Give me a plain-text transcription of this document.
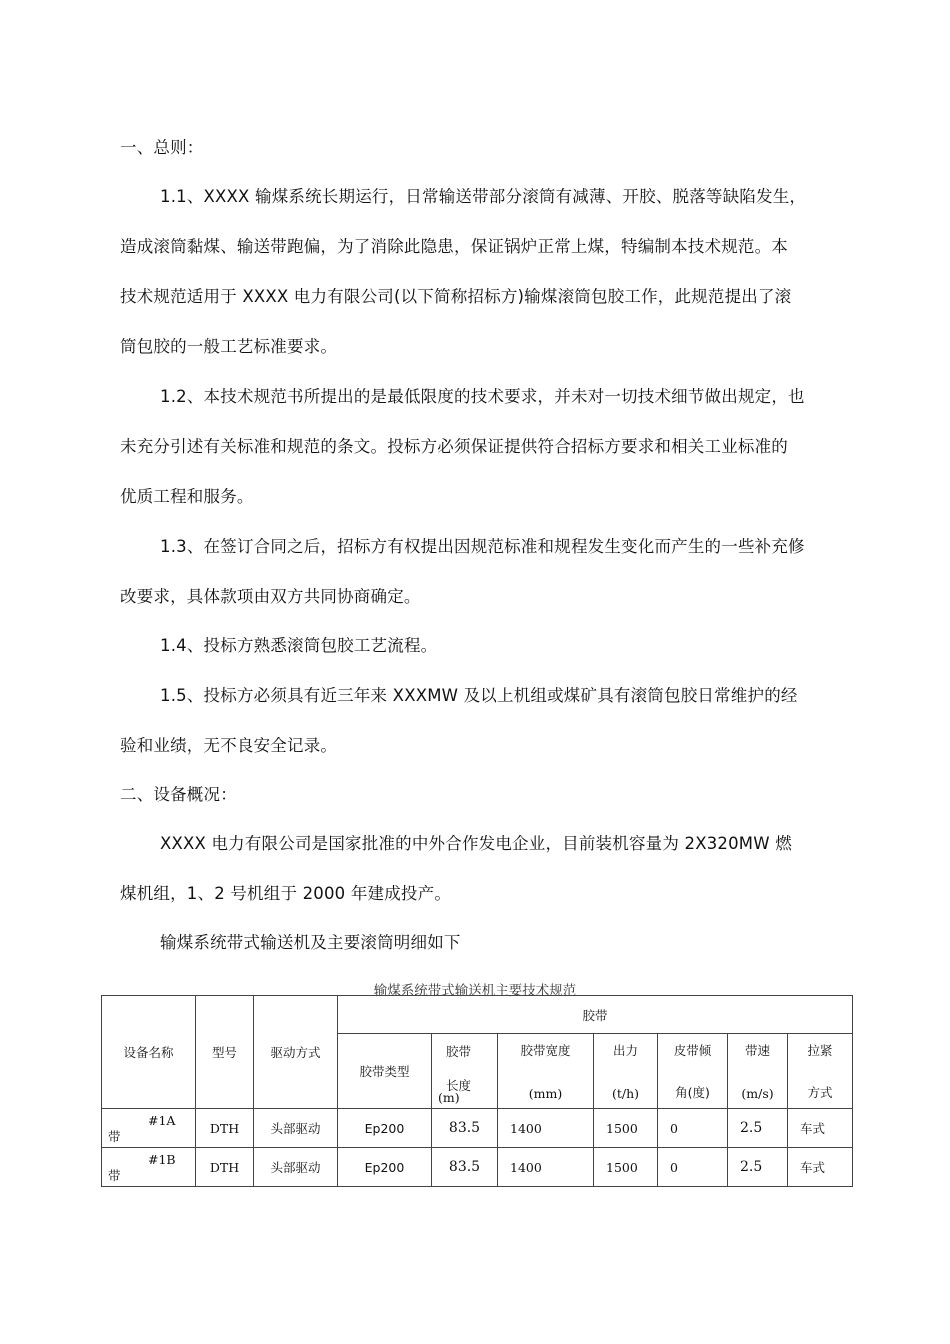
一、总则：
1.1、XXXX 输煤系统长期运行，日常输送带部分滚筒有减薄、开胶、脱落等缺陷发生，
造成滚筒黏煤、输送带跑偏，为了消除此隐患，保证锅炉正常上煤，特编制本技术规范。本
技术规范适用于 XXXX 电力有限公司(以下简称招标方)输煤滚筒包胶工作，此规范提出了滚
筒包胶的一般工艺标准要求。
1.2、本技术规范书所提出的是最低限度的技术要求，并未对一切技术细节做出规定，也
未充分引述有关标准和规范的条文。投标方必须保证提供符合招标方要求和相关工业标准的
优质工程和服务。
1.3、在签订合同之后，招标方有权提出因规范标准和规程发生变化而产生的一些补充修
改要求，具体款项由双方共同协商确定。
1.4、投标方熟悉滚筒包胶工艺流程。
1.5、投标方必须具有近三年来 XXXMW 及以上机组或煤矿具有滚筒包胶日常维护的经
验和业绩，无不良安全记录。
二、设备概况：
XXXX 电力有限公司是国家批准的中外合作发电企业，目前装机容量为 2X320MW 燃
煤机组，1、2 号机组于 2000 年建成投产。
输煤系统带式输送机及主要滚筒明细如下
输煤系统带式输送机主要技术规范
设备名称	型号	驱动方式	胶带						
			胶带类型	胶带
长度
(m)	胶带宽度
(mm)	出力
(t/h)	皮带倾
角(度)	带速
(m/s)	拉紧
方式

#1A
带	DTH	头部驱动	Ep200	83.5	1400	1500	0	2.5	车式

#1B
带	DTH	头部驱动	Ep200	83.5	1400	1500	0	2.5	车式
